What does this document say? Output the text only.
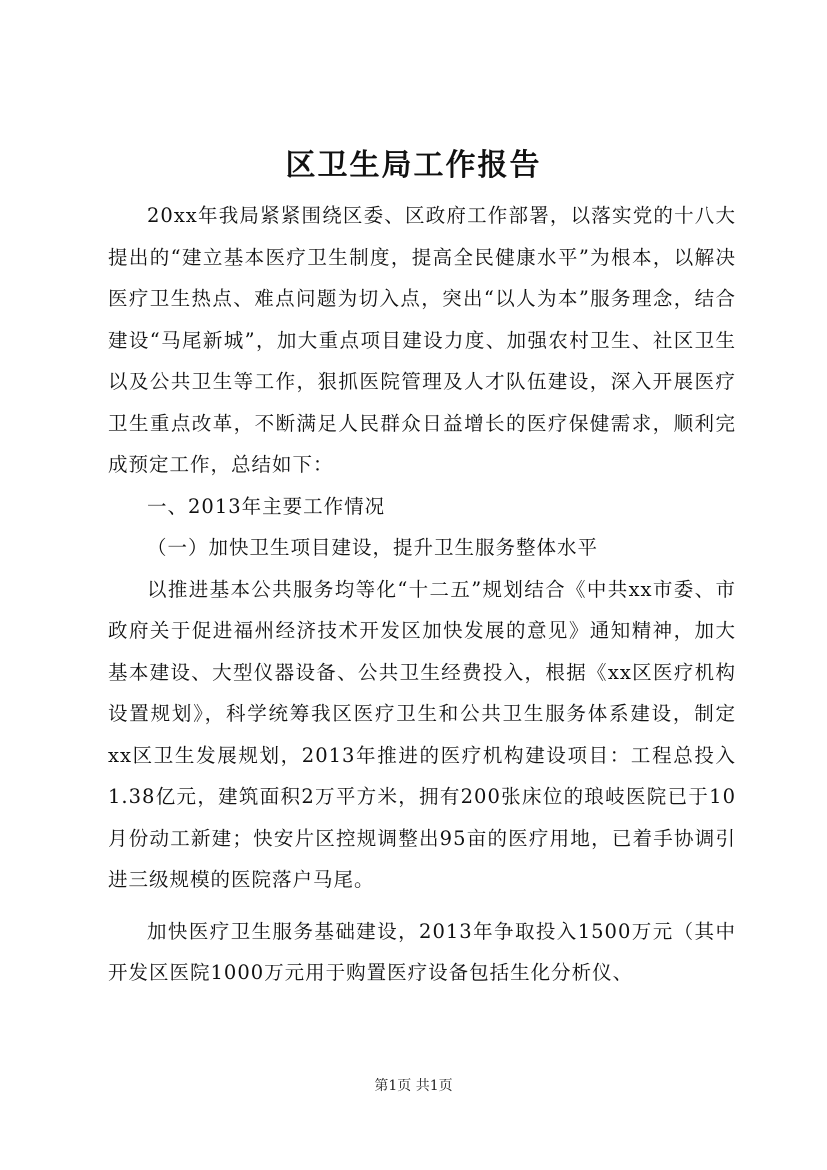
区卫生局工作报告

20xx年我局紧紧围绕区委、区政府工作部署，以落实党的十八大提出的“建立基本医疗卫生制度，提高全民健康水平”为根本，以解决医疗卫生热点、难点问题为切入点，突出“以人为本”服务理念，结合建设“马尾新城”，加大重点项目建设力度、加强农村卫生、社区卫生以及公共卫生等工作，狠抓医院管理及人才队伍建设，深入开展医疗卫生重点改革，不断满足人民群众日益增长的医疗保健需求，顺利完成预定工作，总结如下：

一、2013年主要工作情况

（一）加快卫生项目建设，提升卫生服务整体水平

以推进基本公共服务均等化“十二五”规划结合《中共xx市委、市政府关于促进福州经济技术开发区加快发展的意见》通知精神，加大基本建设、大型仪器设备、公共卫生经费投入，根据《xx区医疗机构设置规划》，科学统筹我区医疗卫生和公共卫生服务体系建设，制定xx区卫生发展规划，2013年推进的医疗机构建设项目：工程总投入1.38亿元，建筑面积2万平方米，拥有200张床位的琅岐医院已于10月份动工新建；快安片区控规调整出95亩的医疗用地，已着手协调引进三级规模的医院落户马尾。

加快医疗卫生服务基础建设，2013年争取投入1500万元（其中开发区医院1000万元用于购置医疗设备包括生化分析仪、

第1页 共1页
